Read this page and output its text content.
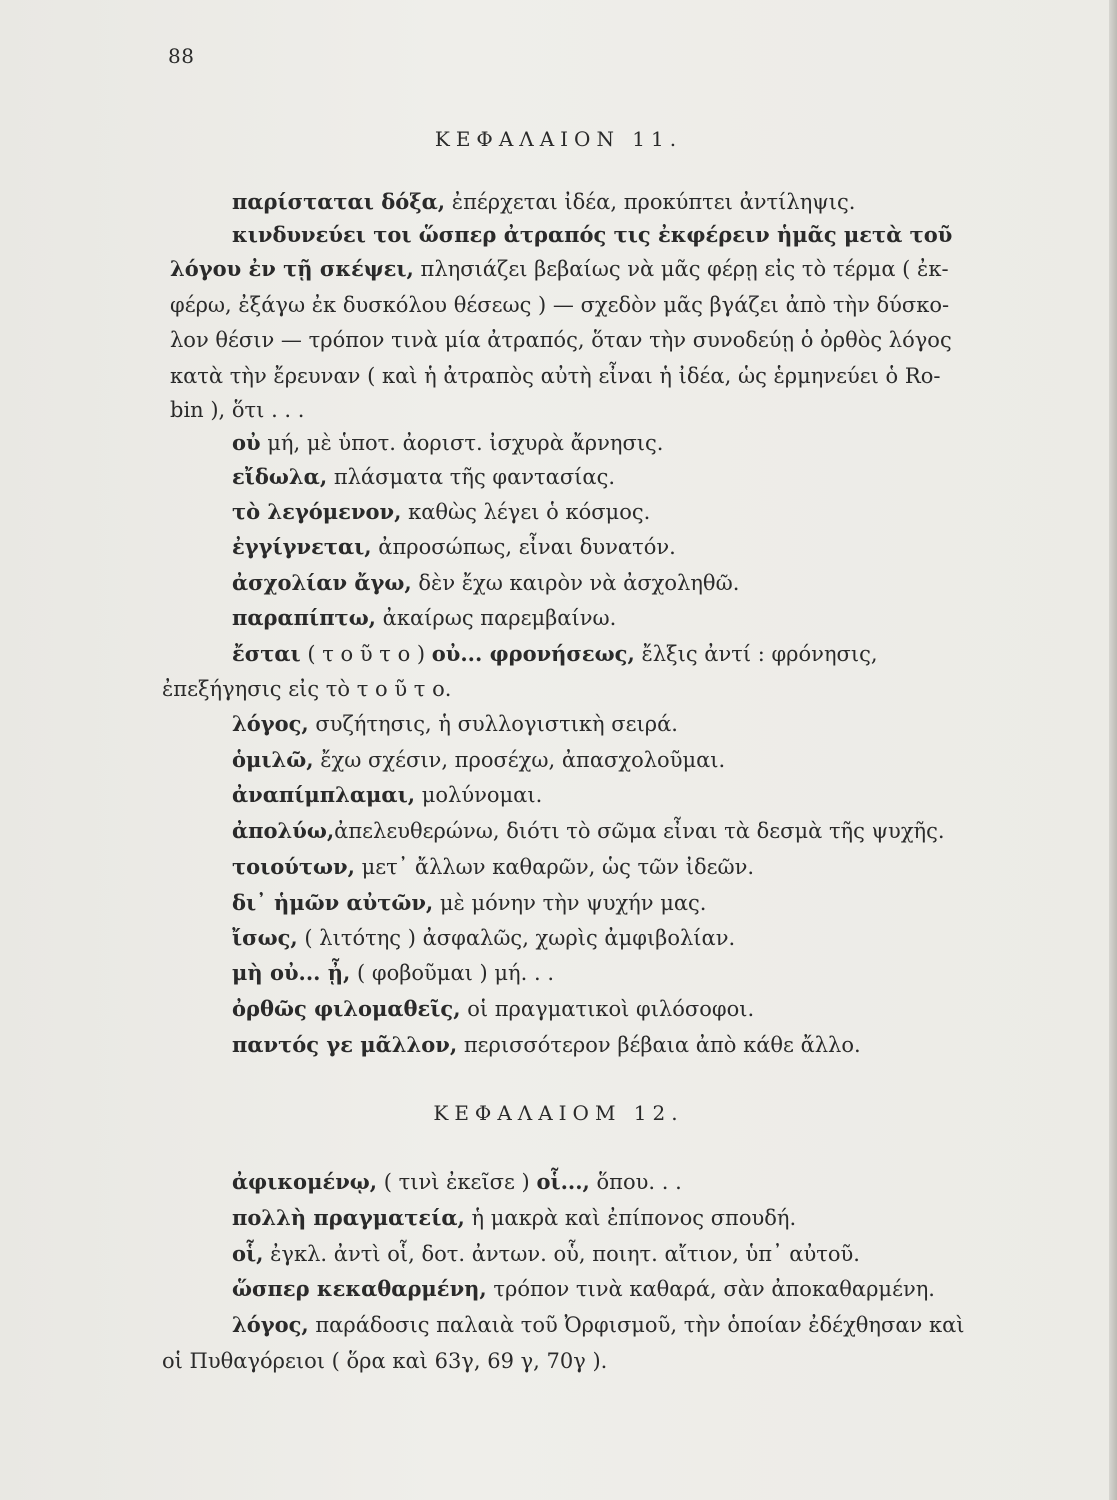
88
ΚΕΦΑΛΑΙΟΝ 11.
παρίσταται δόξα, ἐπέρχεται ἰδέα, προκύπτει ἀντίληψις.
κινδυνεύει τοι ὥσπερ ἀτραπός τις ἐκφέρειν ἡμᾶς μετὰ τοῦ
λόγου ἐν τῇ σκέψει, πλησιάζει βεβαίως νὰ μᾶς φέρῃ εἰς τὸ τέρμα ( ἐκ-
φέρω, ἐξάγω ἐκ δυσκόλου θέσεως ) — σχεδὸν μᾶς βγάζει ἀπὸ τὴν δύσκο-
λον θέσιν — τρόπον τινὰ μία ἀτραπός, ὅταν τὴν συνοδεύῃ ὁ ὀρθὸς λόγος
κατὰ τὴν ἔρευναν ( καὶ ἡ ἀτραπὸς αὐτὴ εἶναι ἡ ἰδέα, ὡς ἑρμηνεύει ὁ Ro-
bin ), ὅτι . . .
οὐ μή, μὲ ὑποτ. ἀοριστ. ἰσχυρὰ ἄρνησις.
εἴδωλα, πλάσματα τῆς φαντασίας.
τὸ λεγόμενον, καθὼς λέγει ὁ κόσμος.
ἐγγίγνεται, ἀπροσώπως, εἶναι δυνατόν.
ἀσχολίαν ἄγω, δὲν ἔχω καιρὸν νὰ ἀσχοληθῶ.
παραπίπτω, ἀκαίρως παρεμβαίνω.
ἔσται ( τ ο ῦ τ ο ) οὐ... φρονήσεως, ἔλξις ἀντί : φρόνησις,
ἐπεξήγησις εἰς τὸ τ ο ῦ τ ο.
λόγος, συζήτησις, ἡ συλλογιστικὴ σειρά.
ὁμιλῶ, ἔχω σχέσιν, προσέχω, ἀπασχολοῦμαι.
ἀναπίμπλαμαι, μολύνομαι.
ἀπολύω,ἀπελευθερώνω, διότι τὸ σῶμα εἶναι τὰ δεσμὰ τῆς ψυχῆς.
τοιούτων, μετ᾽ ἄλλων καθαρῶν, ὡς τῶν ἰδεῶν.
δι᾽ ἡμῶν αὐτῶν, μὲ μόνην τὴν ψυχήν μας.
ἴσως, ( λιτότης ) ἀσφαλῶς, χωρὶς ἀμφιβολίαν.
μὴ οὐ... ᾖ, ( φοβοῦμαι ) μή. . .
ὀρθῶς φιλομαθεῖς, οἱ πραγματικοὶ φιλόσοφοι.
παντός γε μᾶλλον, περισσότερον βέβαια ἀπὸ κάθε ἄλλο.
ΚΕΦΑΛΑΙΟΜ 12.
ἀφικομένῳ, ( τινὶ ἐκεῖσε ) οἷ..., ὅπου. . .
πολλὴ πραγματεία, ἡ μακρὰ καὶ ἐπίπονος σπουδή.
οἷ, ἐγκλ. ἀντὶ οἷ, δοτ. ἀντων. οὗ, ποιητ. αἴτιον, ὑπ᾽ αὐτοῦ.
ὥσπερ κεκαθαρμένη, τρόπον τινὰ καθαρά, σὰν ἀποκαθαρμένη.
λόγος, παράδοσις παλαιὰ τοῦ Ὀρφισμοῦ, τὴν ὁποίαν ἐδέχθησαν καὶ
οἱ Πυθαγόρειοι ( ὅρα καὶ 63γ, 69 γ, 70γ ).
